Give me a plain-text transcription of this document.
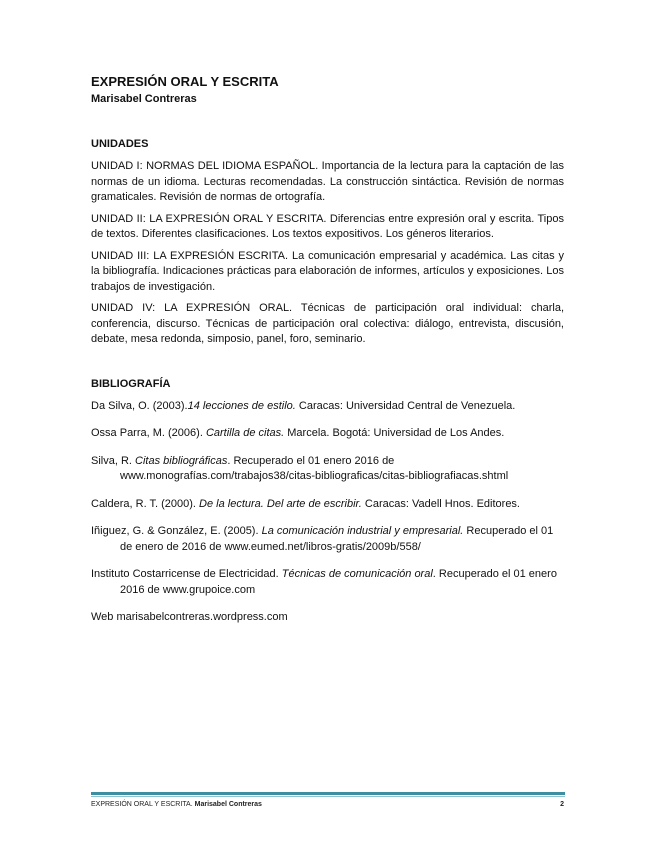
EXPRESIÓN ORAL Y ESCRITA

Marisabel Contreras

UNIDADES

UNIDAD I: NORMAS DEL IDIOMA ESPAÑOL. Importancia de la lectura para la captación de las normas de un idioma. Lecturas recomendadas. La construcción sintáctica. Revisión de normas gramaticales. Revisión de normas de ortografía.

UNIDAD II: LA EXPRESIÓN ORAL Y ESCRITA. Diferencias entre expresión oral y escrita. Tipos de textos. Diferentes clasificaciones. Los textos expositivos. Los géneros literarios.

UNIDAD III: LA EXPRESIÓN ESCRITA. La comunicación empresarial y académica. Las citas y la bibliografía. Indicaciones prácticas para elaboración de informes, artículos y exposiciones. Los trabajos de investigación.

UNIDAD IV: LA EXPRESIÓN ORAL. Técnicas de participación oral individual: charla, conferencia, discurso. Técnicas de participación oral colectiva: diálogo, entrevista, discusión, debate, mesa redonda, simposio, panel, foro, seminario.

BIBLIOGRAFÍA

Da Silva, O. (2003).14 lecciones de estilo. Caracas: Universidad Central de Venezuela.

Ossa Parra, M. (2006). Cartilla de citas. Marcela. Bogotá: Universidad de Los Andes.

Silva, R. Citas bibliográficas. Recuperado el 01 enero 2016 de www.monografías.com/trabajos38/citas-bibliograficas/citas-bibliografiacas.shtml

Caldera, R. T. (2000). De la lectura. Del arte de escribir. Caracas: Vadell Hnos. Editores.

Iñiguez, G. & González, E. (2005). La comunicación industrial y empresarial. Recuperado el 01 de enero de 2016 de www.eumed.net/libros-gratis/2009b/558/

Instituto Costarricense de Electricidad. Técnicas de comunicación oral. Recuperado el 01 enero 2016 de www.grupoice.com

Web marisabelcontreras.wordpress.com

EXPRESIÓN ORAL Y ESCRITA. Marisabel Contreras	2
